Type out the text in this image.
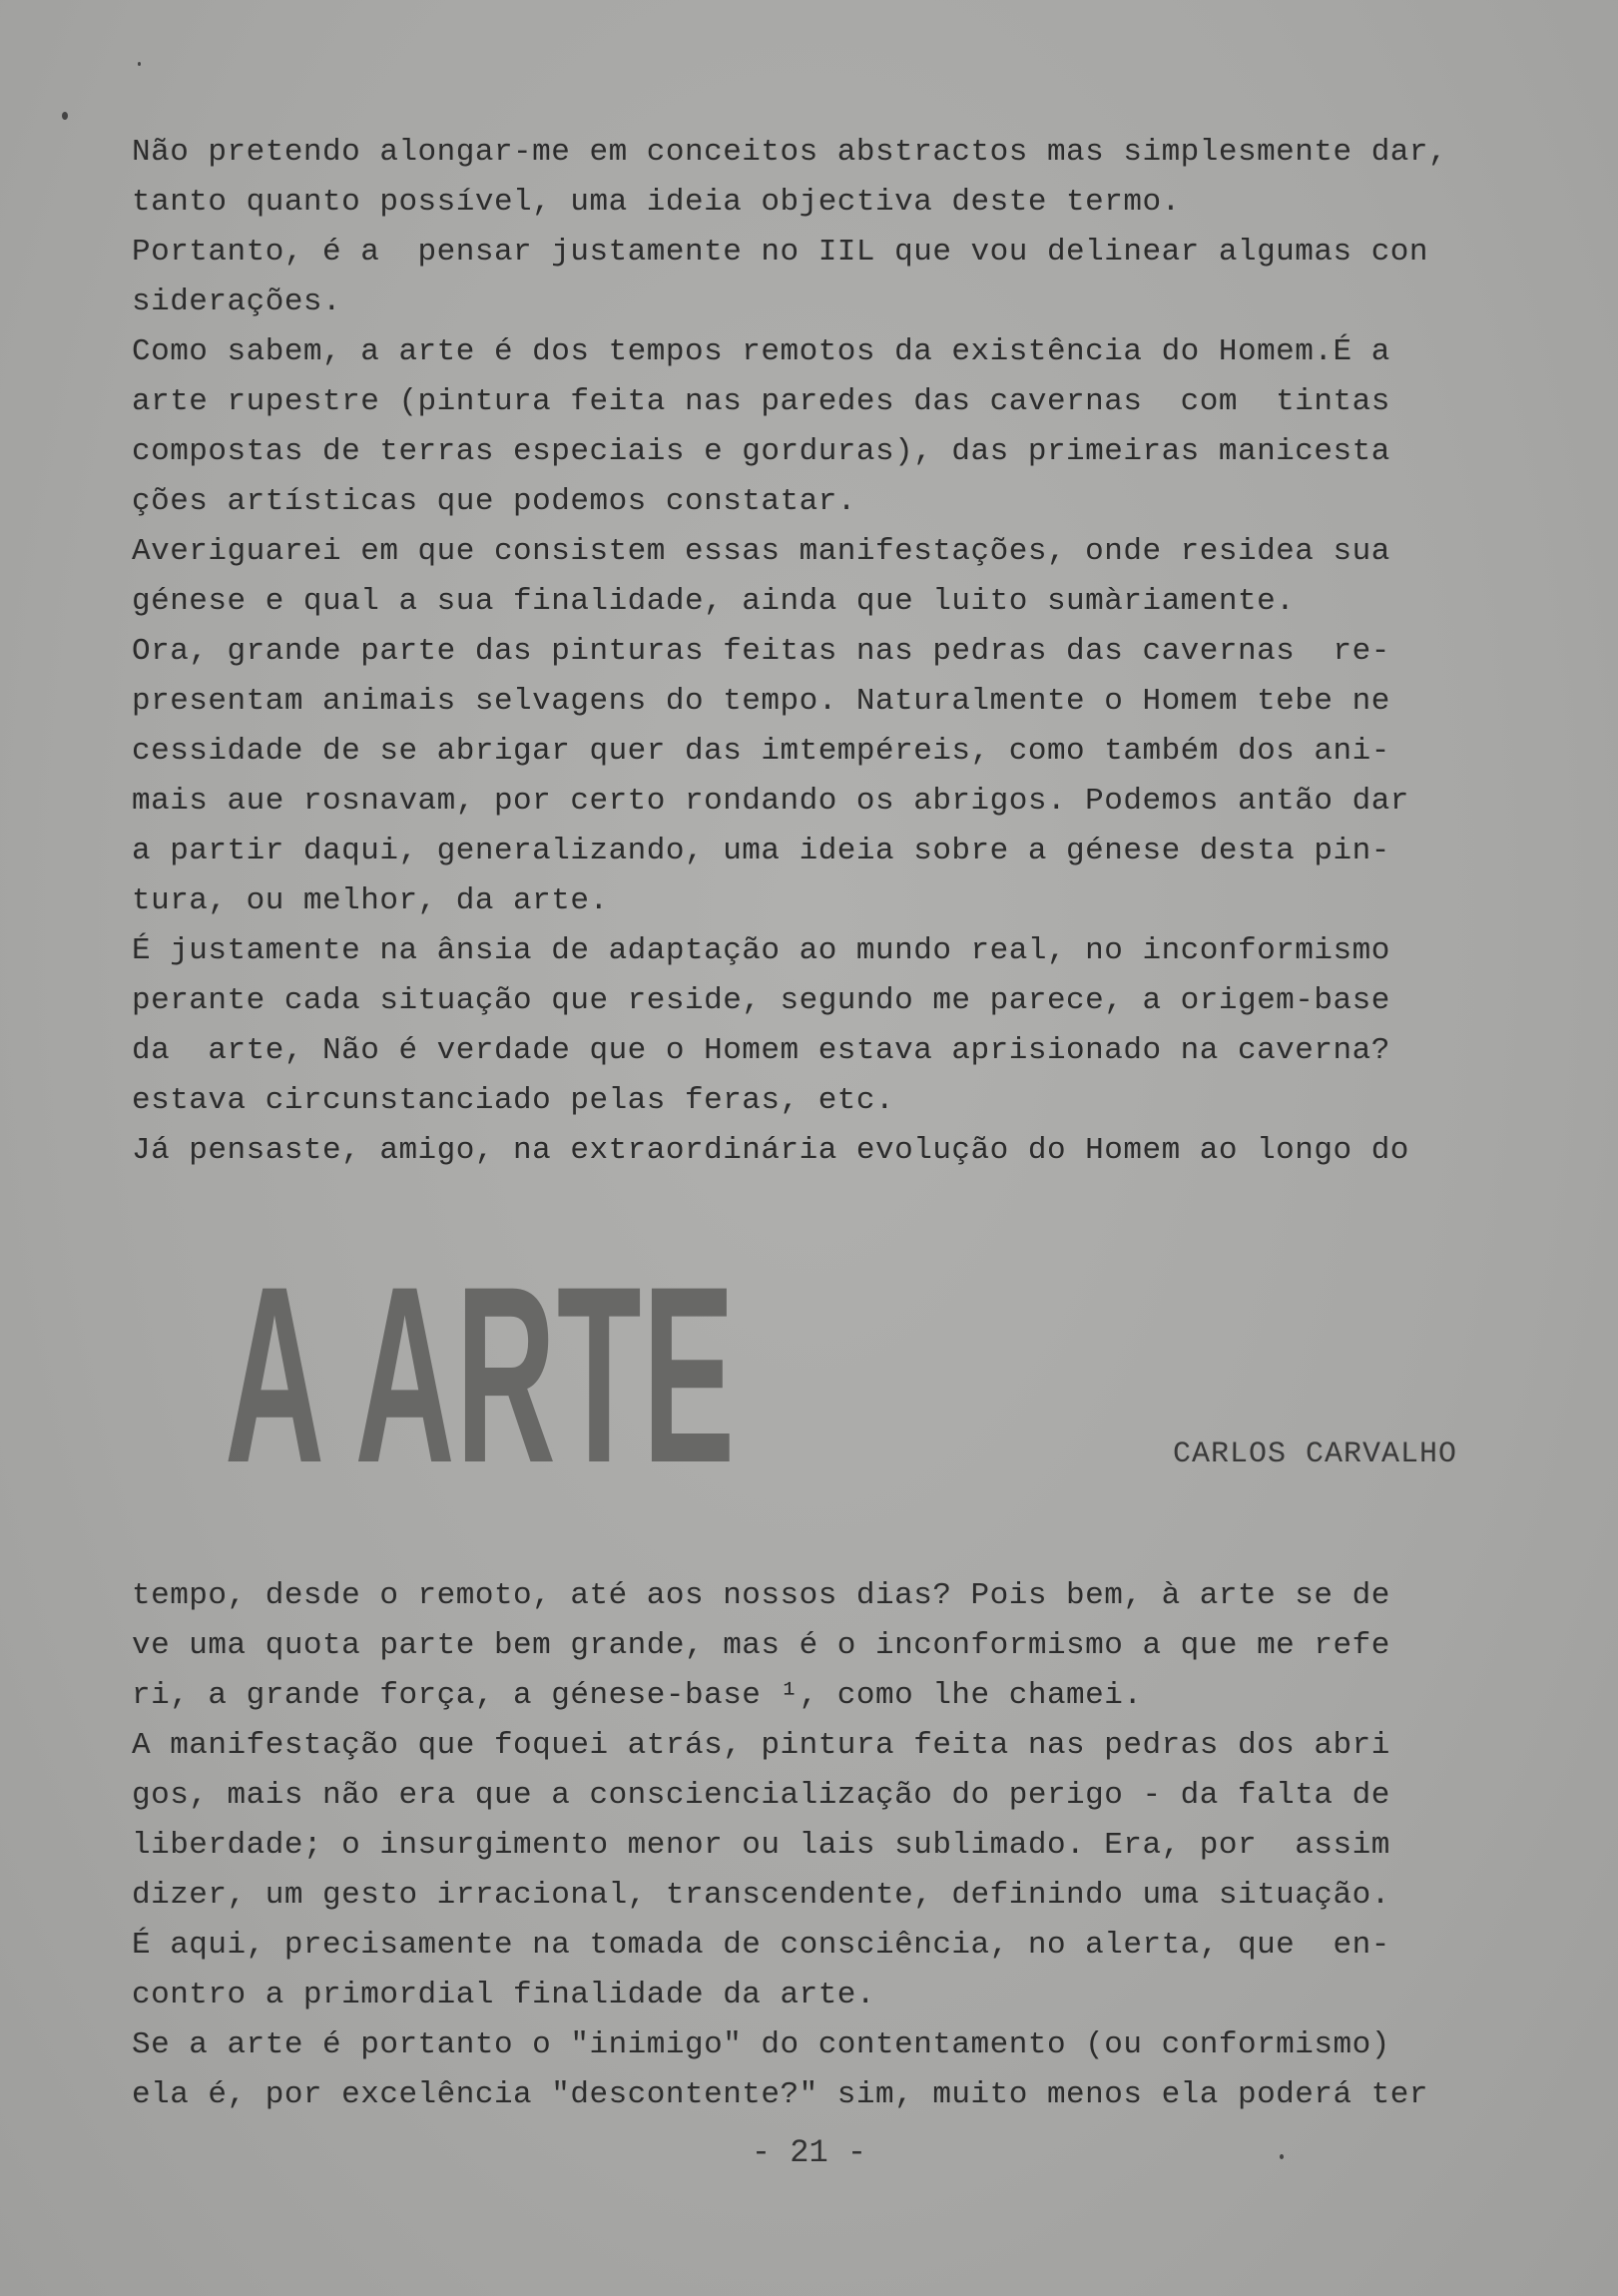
Não pretendo alongar-me em conceitos abstractos mas simplesmente dar,
tanto quanto possível, uma ideia objectiva deste termo.
Portanto, é a  pensar justamente no IIL que vou delinear algumas con
siderações.
Como sabem, a arte é dos tempos remotos da existência do Homem.É a
arte rupestre (pintura feita nas paredes das cavernas  com  tintas
compostas de terras especiais e gorduras), das primeiras manicesta
ções artísticas que podemos constatar.
Averiguarei em que consistem essas manifestações, onde residea sua
génese e qual a sua finalidade, ainda que luito sumàriamente.
Ora, grande parte das pinturas feitas nas pedras das cavernas  re-
presentam animais selvagens do tempo. Naturalmente o Homem tebe ne
cessidade de se abrigar quer das imtempéreis, como também dos ani-
mais aue rosnavam, por certo rondando os abrigos. Podemos antão dar
a partir daqui, generalizando, uma ideia sobre a génese desta pin-
tura, ou melhor, da arte.
É justamente na ânsia de adaptação ao mundo real, no inconformismo
perante cada situação que reside, segundo me parece, a origem-base
da  arte, Não é verdade que o Homem estava aprisionado na caverna?
estava circunstanciado pelas feras, etc.
Já pensaste, amigo, na extraordinária evolução do Homem ao longo do
A ARTE	CARLOS CARVALHO
tempo, desde o remoto, até aos nossos dias? Pois bem, à arte se de
ve uma quota parte bem grande, mas é o inconformismo a que me refe
ri, a grande força, a génese-base ¹, como lhe chamei.
A manifestação que foquei atrás, pintura feita nas pedras dos abri
gos, mais não era que a consciencialização do perigo - da falta de
liberdade; o insurgimento menor ou lais sublimado. Era, por  assim
dizer, um gesto irracional, transcendente, definindo uma situação.
É aqui, precisamente na tomada de consciência, no alerta, que  en-
contro a primordial finalidade da arte.
Se a arte é portanto o "inimigo" do contentamento (ou conformismo)
ela é, por excelência "descontente?" sim, muito menos ela poderá ter
- 21 -
